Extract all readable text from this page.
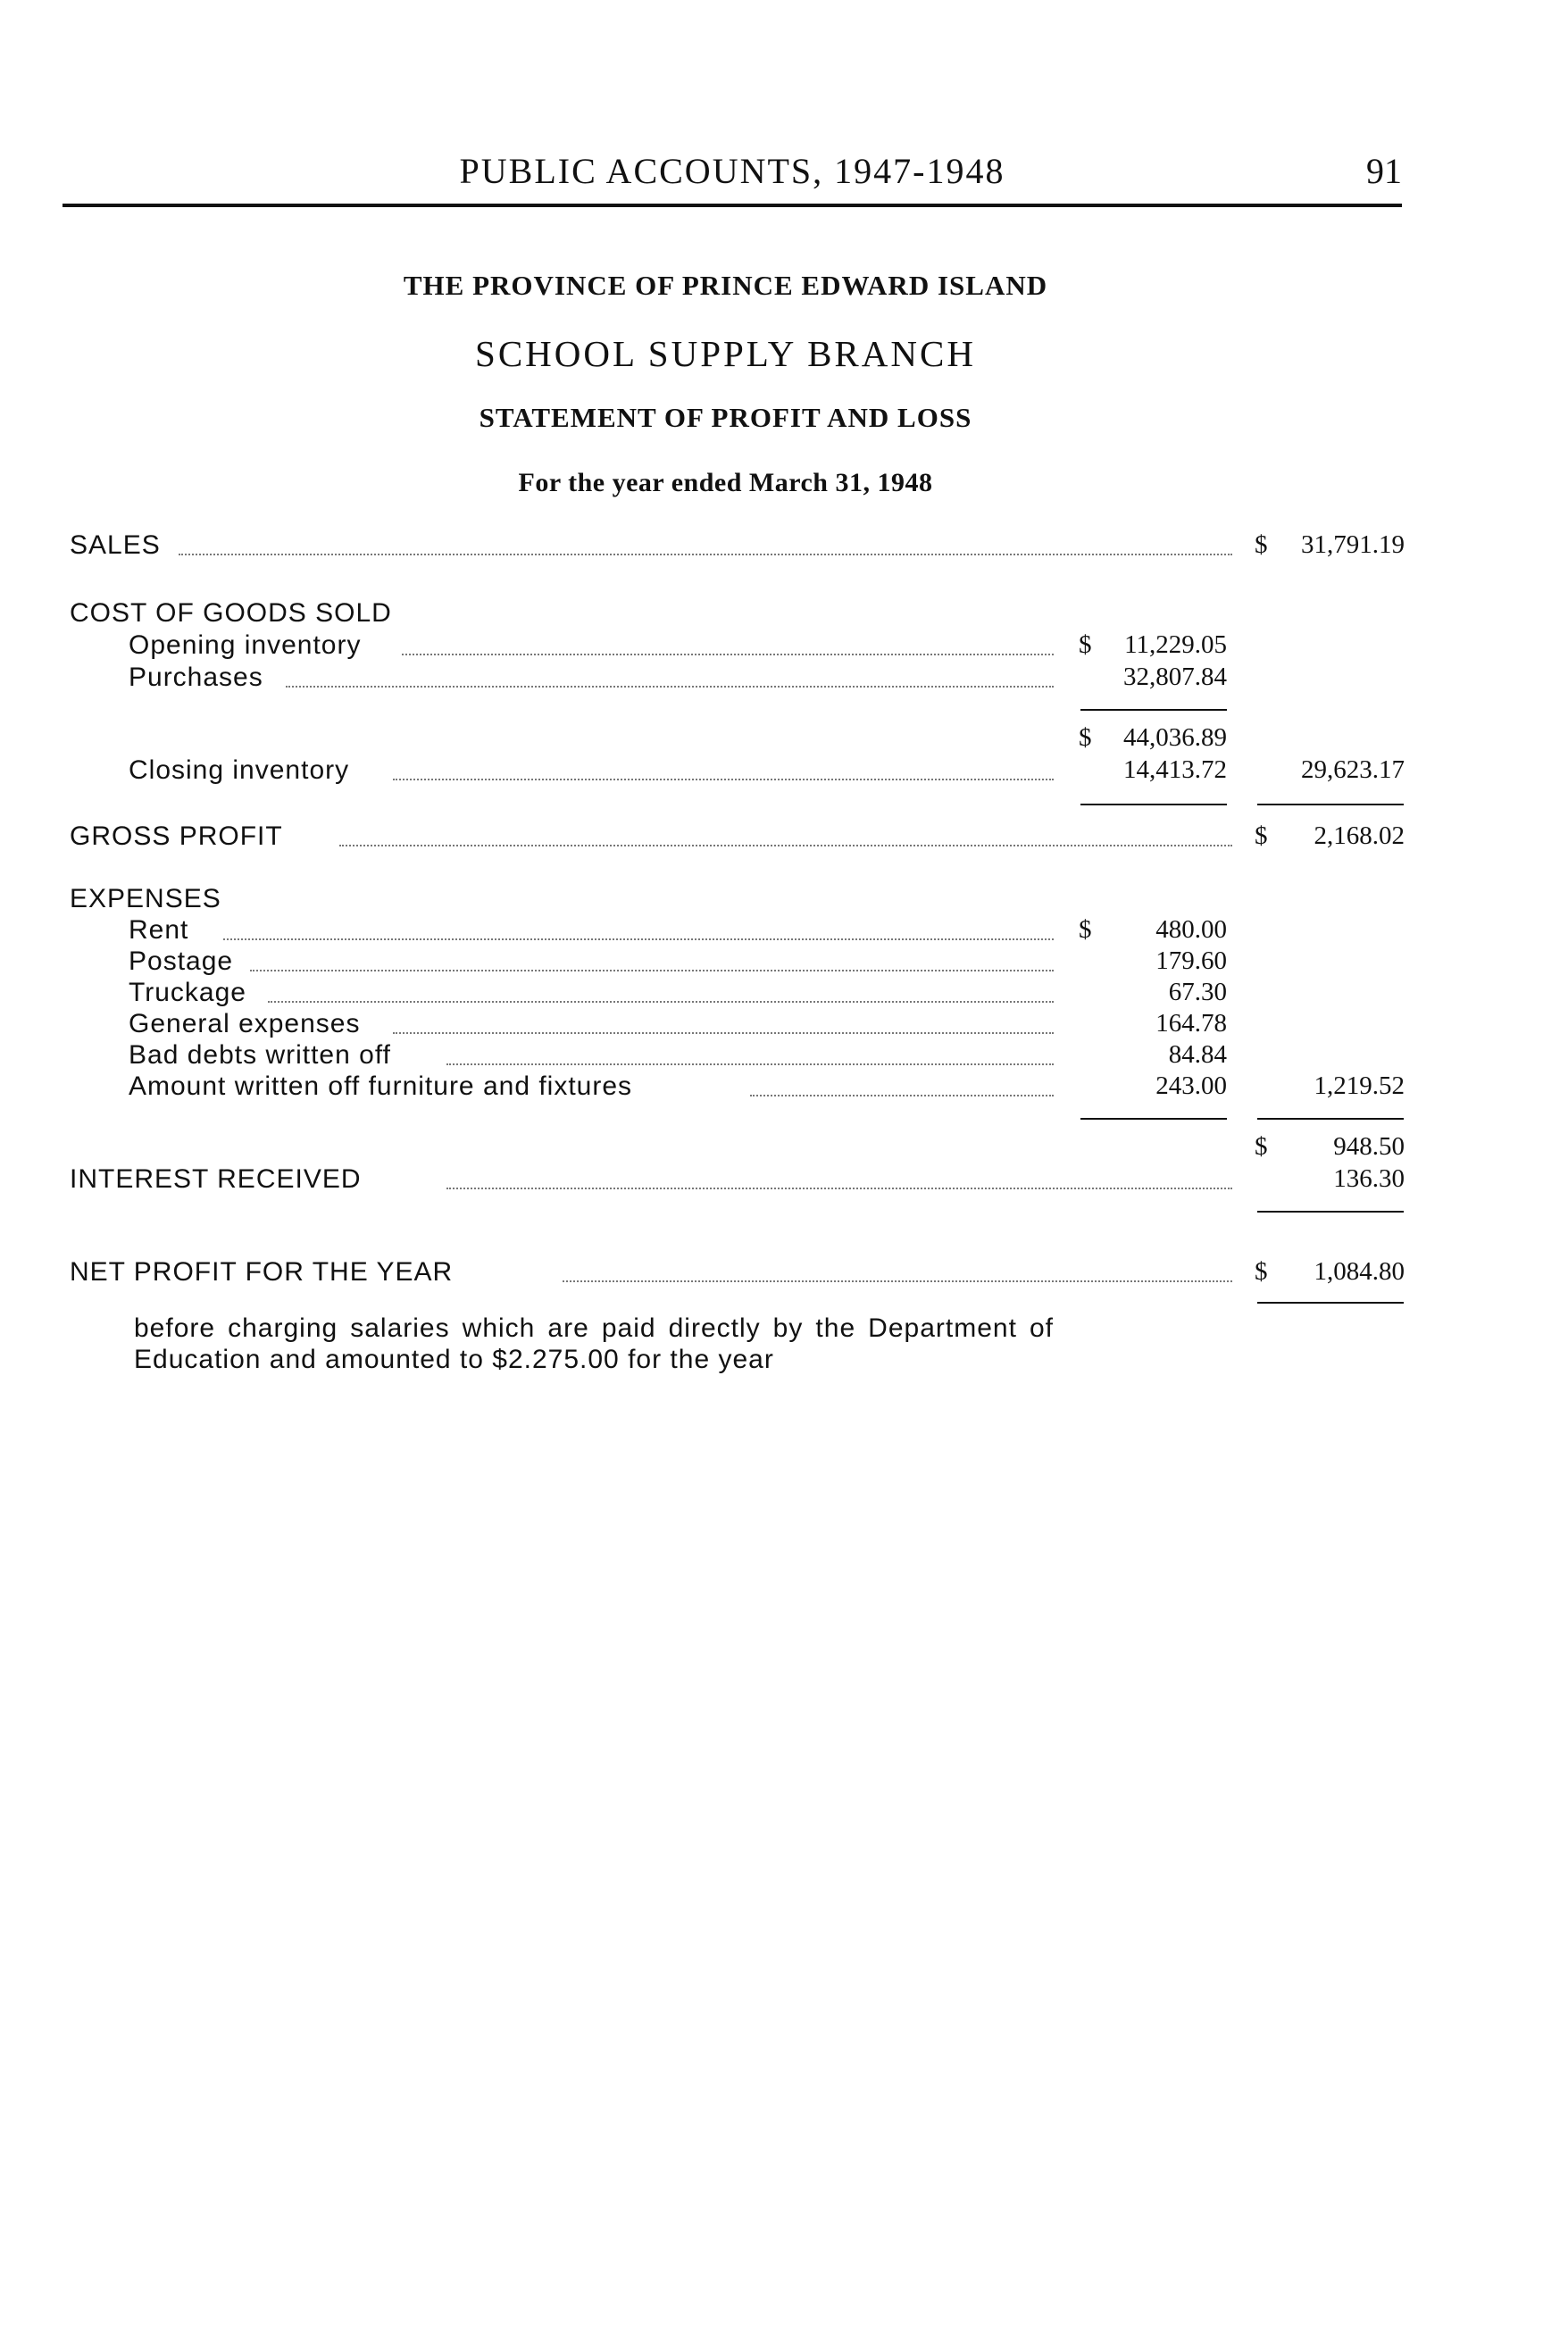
PUBLIC ACCOUNTS, 1947-1948	91
THE PROVINCE OF PRINCE EDWARD ISLAND
SCHOOL SUPPLY BRANCH
STATEMENT OF PROFIT AND LOSS
For the year ended March 31, 1948
SALES	$ 31,791.19
COST OF GOODS SOLD
Opening inventory	$ 11,229.05
Purchases	32,807.84
$ 44,036.89
Closing inventory	14,413.72	29,623.17
GROSS PROFIT	$ 2,168.02
EXPENSES
Rent	$ 480.00
Postage	179.60
Truckage	67.30
General expenses	164.78
Bad debts written off	84.84
Amount written off furniture and fixtures	243.00	1,219.52
$	948.50
INTEREST RECEIVED	136.30
NET PROFIT FOR THE YEAR	$ 1,084.80
before charging salaries which are paid directly by the Department of Education and amounted to $2.275.00 for the year
